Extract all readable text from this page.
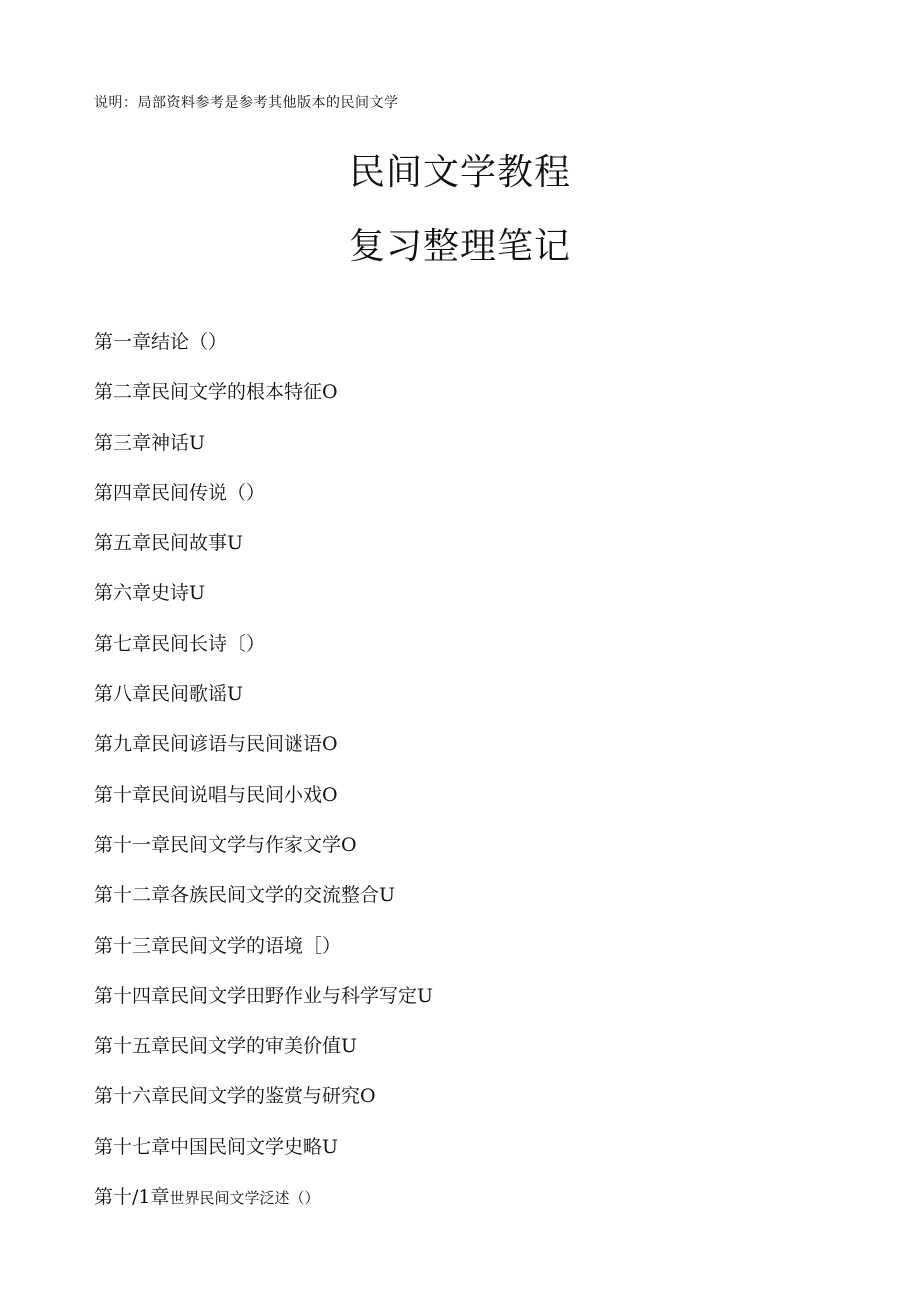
说明：局部资料参考是参考其他版本的民间文学
民间文学教程
复习整理笔记
第一章结论（）
第二章民间文学的根本特征O
第三章神话U
第四章民间传说（）
第五章民间故事U
第六章史诗U
第七章民间长诗〔）
第八章民间歌谣U
第九章民间谚语与民间谜语O
第十章民间说唱与民间小戏O
第十一章民间文学与作家文学O
第十二章各族民间文学的交流整合U
第十三章民间文学的语境［）
第十四章民间文学田野作业与科学写定U
第十五章民间文学的审美价值U
第十六章民间文学的鉴赏与研究O
第十七章中国民间文学史略U
第十/1章世界民间文学泛述（）
